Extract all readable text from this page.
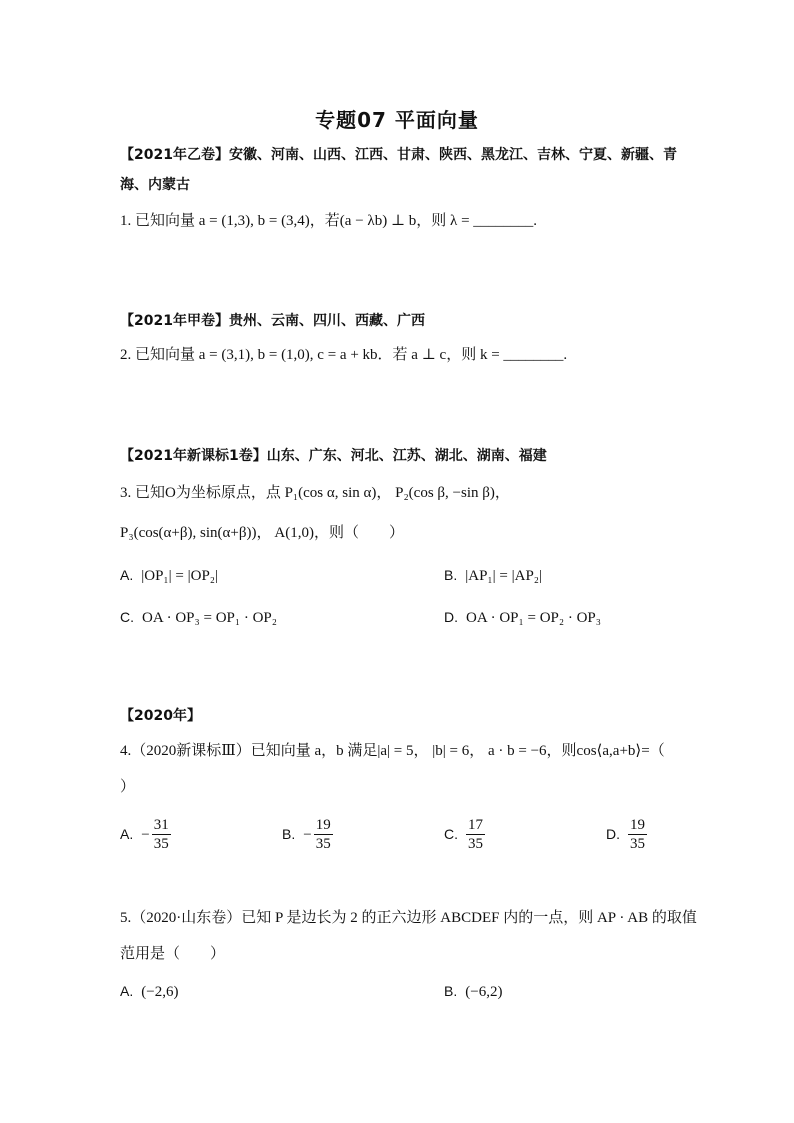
专题07 平面向量
【2021年乙卷】安徽、河南、山西、江西、甘肃、陕西、黑龙江、吉林、宁夏、新疆、青
海、内蒙古
1. 已知向量 a = (1,3), b = (3,4)，若(a − λb) ⊥ b，则 λ = ________.
【2021年甲卷】贵州、云南、四川、西藏、广西
2. 已知向量 a = (3,1), b = (1,0), c = a + kb．若 a ⊥ c，则 k = ________.
【2021年新课标1卷】山东、广东、河北、江苏、湖北、湖南、福建
3. 已知O为坐标原点，点 P₁(cos α, sin α)， P₂(cos β, −sin β)，
P₃(cos(α+β), sin(α+β))， A(1,0)，则（　　）
A. |OP₁| = |OP₂|	B. |AP₁| = |AP₂|
C. OA · OP₃ = OP₁ · OP₂	D. OA · OP₁ = OP₂ · OP₃
【2020年】
4.（2020新课标Ⅲ）已知向量 a，b 满足|a| = 5， |b| = 6， a · b = −6，则cos⟨a,a+b⟩=（
）
A. − $\frac{31}{35}$	B. − $\frac{19}{35}$	C. $\frac{17}{35}$	D. $\frac{19}{35}$
5.（2020·山东卷）已知 P 是边长为 2 的正六边形 ABCDEF 内的一点，则 AP · AB 的取值
范用是（　　）
A. (−2,6)	B. (−6,2)
